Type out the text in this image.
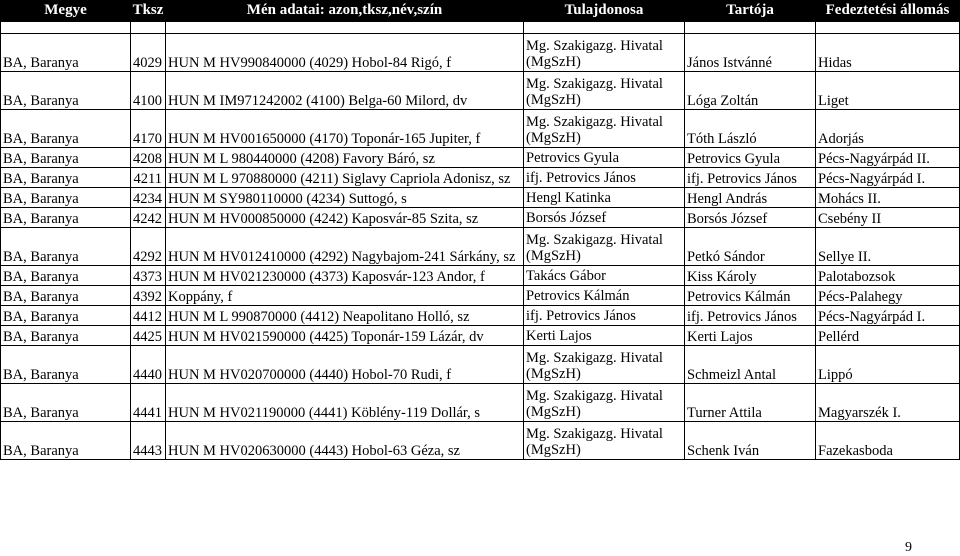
Megye	Tksz	Mén adatai: azon,tksz,név,szín	Tulajdonosa	Tartója	Fedeztetési állomás

BA, Baranya	4029	HUN M HV990840000 (4029) Hobol-84 Rigó, f	Mg. Szakigazg. Hivatal (MgSzH)	János Istvánné	Hidas
BA, Baranya	4100	HUN M IM971242002 (4100) Belga-60 Milord, dv	Mg. Szakigazg. Hivatal (MgSzH)	Lóga Zoltán	Liget
BA, Baranya	4170	HUN M HV001650000 (4170) Toponár-165 Jupiter, f	Mg. Szakigazg. Hivatal (MgSzH)	Tóth László	Adorjás
BA, Baranya	4208	HUN M L 980440000 (4208) Favory Báró, sz	Petrovics Gyula	Petrovics Gyula	Pécs-Nagyárpád II.
BA, Baranya	4211	HUN M L 970880000 (4211) Siglavy Capriola Adonisz, sz	ifj. Petrovics János	ifj. Petrovics János	Pécs-Nagyárpád I.
BA, Baranya	4234	HUN M SY980110000 (4234) Suttogó, s	Hengl Katinka	Hengl András	Mohács II.
BA, Baranya	4242	HUN M HV000850000 (4242) Kaposvár-85 Szita, sz	Borsós József	Borsós József	Csebény II
BA, Baranya	4292	HUN M HV012410000 (4292) Nagybajom-241 Sárkány, sz	Mg. Szakigazg. Hivatal (MgSzH)	Petkó Sándor	Sellye II.
BA, Baranya	4373	HUN M HV021230000 (4373) Kaposvár-123 Andor, f	Takács Gábor	Kiss Károly	Palotabozsok
BA, Baranya	4392	Koppány, f	Petrovics Kálmán	Petrovics Kálmán	Pécs-Palahegy
BA, Baranya	4412	HUN M L 990870000 (4412) Neapolitano Holló, sz	ifj. Petrovics János	ifj. Petrovics János	Pécs-Nagyárpád I.
BA, Baranya	4425	HUN M HV021590000 (4425) Toponár-159 Lázár, dv	Kerti Lajos	Kerti Lajos	Pellérd
BA, Baranya	4440	HUN M HV020700000 (4440) Hobol-70 Rudi, f	Mg. Szakigazg. Hivatal (MgSzH)	Schmeizl Antal	Lippó
BA, Baranya	4441	HUN M HV021190000 (4441) Köblény-119 Dollár, s	Mg. Szakigazg. Hivatal (MgSzH)	Turner Attila	Magyarszék I.
BA, Baranya	4443	HUN M HV020630000 (4443) Hobol-63 Géza, sz	Mg. Szakigazg. Hivatal (MgSzH)	Schenk Iván	Fazekasboda
9
